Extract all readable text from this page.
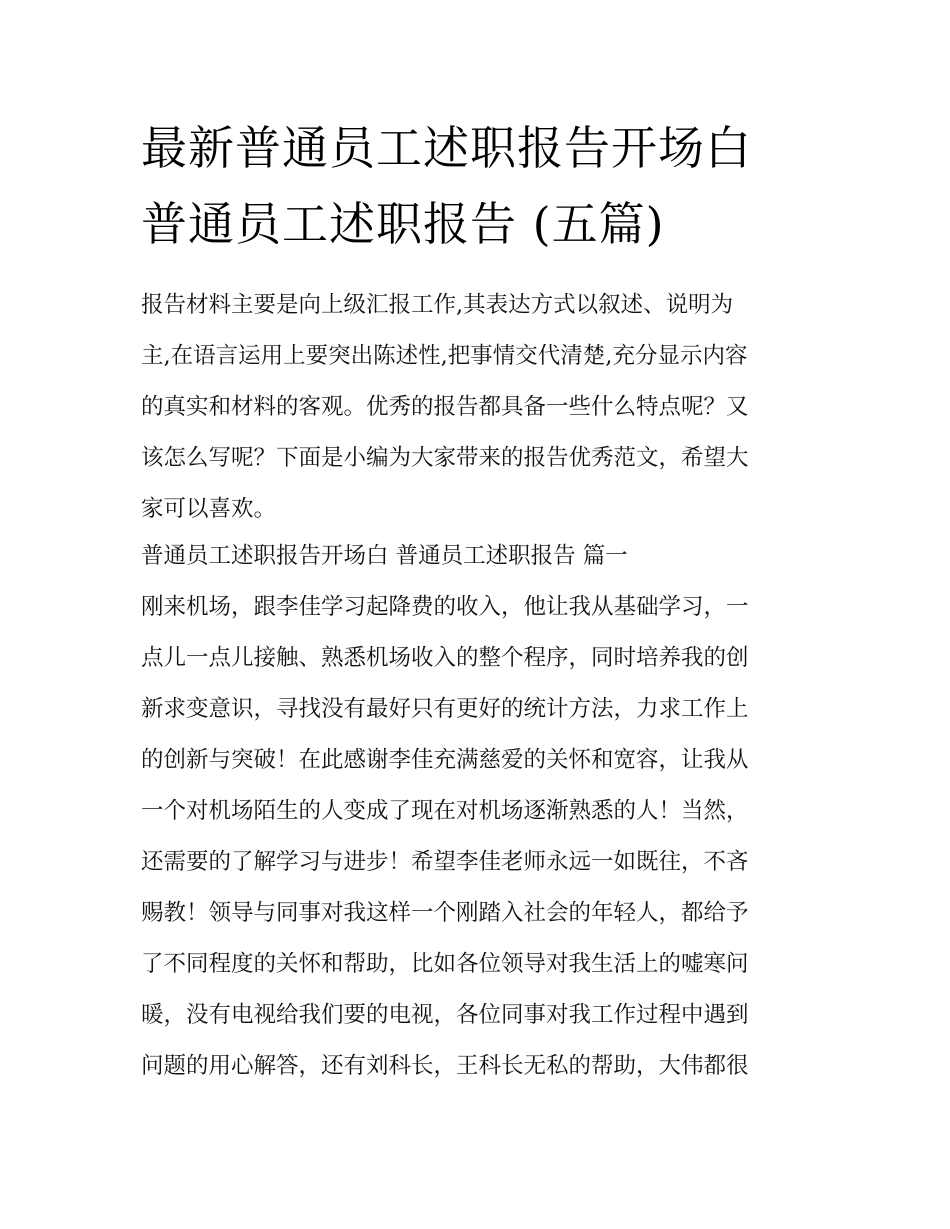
最新普通员工述职报告开场白
普通员工述职报告 (五篇)
报告材料主要是向上级汇报工作,其表达方式以叙述、说明为
主,在语言运用上要突出陈述性,把事情交代清楚,充分显示内容
的真实和材料的客观。优秀的报告都具备一些什么特点呢？又
该怎么写呢？下面是小编为大家带来的报告优秀范文，希望大
家可以喜欢。
普通员工述职报告开场白 普通员工述职报告 篇一
刚来机场，跟李佳学习起降费的收入，他让我从基础学习，一
点儿一点儿接触、熟悉机场收入的整个程序，同时培养我的创
新求变意识，寻找没有最好只有更好的统计方法，力求工作上
的创新与突破！在此感谢李佳充满慈爱的关怀和宽容，让我从
一个对机场陌生的人变成了现在对机场逐渐熟悉的人！当然，
还需要的了解学习与进步！希望李佳老师永远一如既往，不吝
赐教！领导与同事对我这样一个刚踏入社会的年轻人，都给予
了不同程度的关怀和帮助，比如各位领导对我生活上的嘘寒问
暖，没有电视给我们要的电视，各位同事对我工作过程中遇到
问题的用心解答，还有刘科长，王科长无私的帮助，大伟都很
